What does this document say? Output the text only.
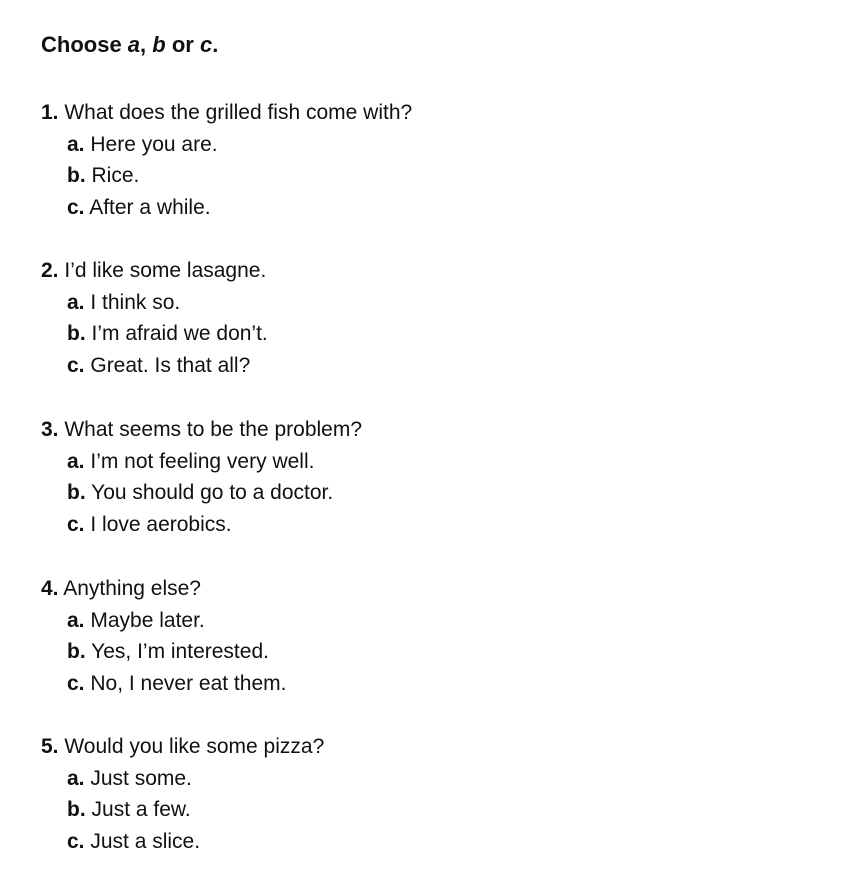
Choose a, b or c.
1. What does the grilled fish come with?
a. Here you are.
b. Rice.
c. After a while.
2. I’d like some lasagne.
a. I think so.
b. I’m afraid we don’t.
c. Great. Is that all?
3. What seems to be the problem?
a. I’m not feeling very well.
b. You should go to a doctor.
c. I love aerobics.
4. Anything else?
a. Maybe later.
b. Yes, I’m interested.
c. No, I never eat them.
5. Would you like some pizza?
a. Just some.
b. Just a few.
c. Just a slice.
